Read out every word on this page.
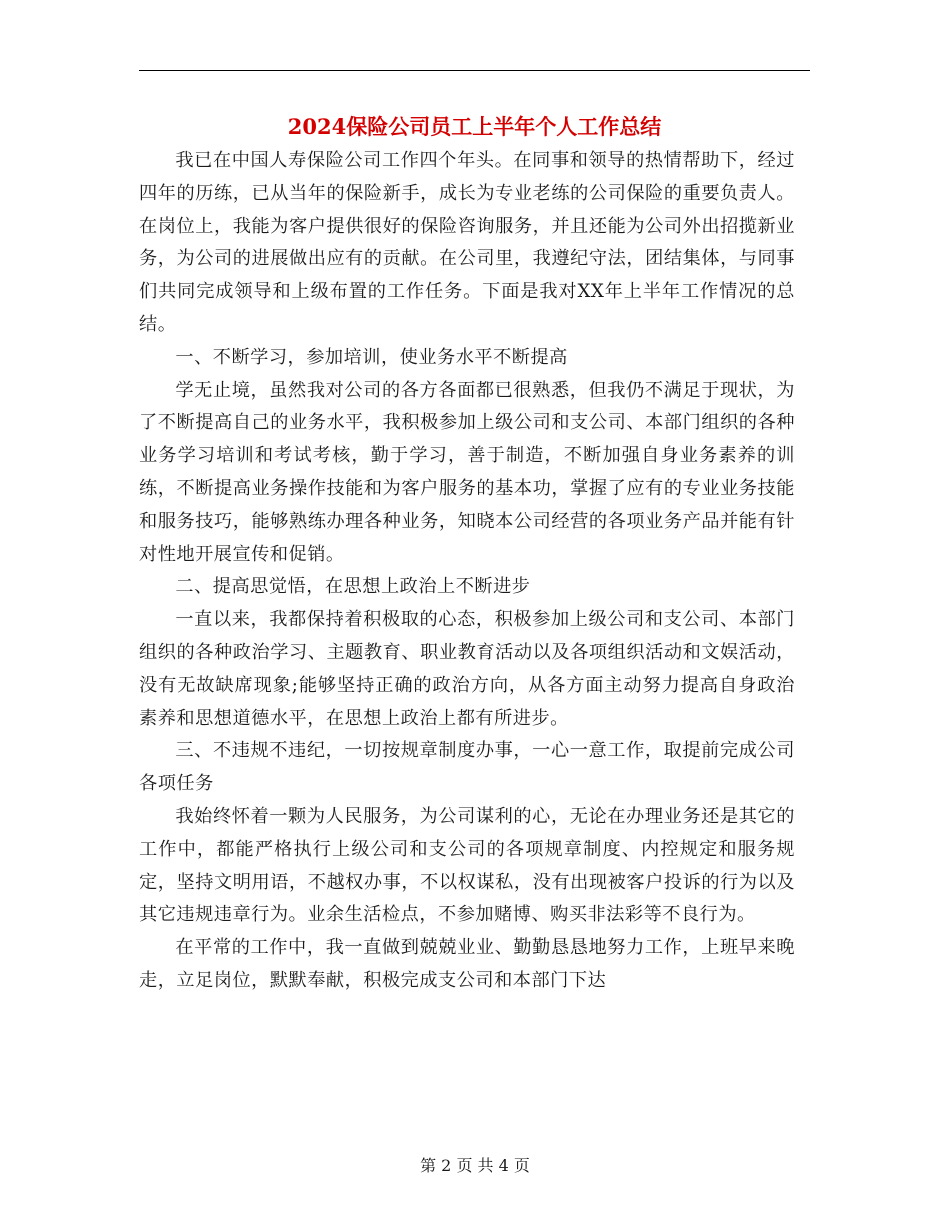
2024保险公司员工上半年个人工作总结

我已在中国人寿保险公司工作四个年头。在同事和领导的热情帮助下，经过四年的历练，已从当年的保险新手，成长为专业老练的公司保险的重要负责人。在岗位上，我能为客户提供很好的保险咨询服务，并且还能为公司外出招揽新业务，为公司的进展做出应有的贡献。在公司里，我遵纪守法，团结集体，与同事们共同完成领导和上级布置的工作任务。下面是我对XX年上半年工作情况的总结。

一、不断学习，参加培训，使业务水平不断提高

学无止境，虽然我对公司的各方各面都已很熟悉，但我仍不满足于现状，为了不断提高自己的业务水平，我积极参加上级公司和支公司、本部门组织的各种业务学习培训和考试考核，勤于学习，善于制造，不断加强自身业务素养的训练，不断提高业务操作技能和为客户服务的基本功，掌握了应有的专业业务技能和服务技巧，能够熟练办理各种业务，知晓本公司经营的各项业务产品并能有针对性地开展宣传和促销。

二、提高思觉悟，在思想上政治上不断进步

一直以来，我都保持着积极取的心态，积极参加上级公司和支公司、本部门组织的各种政治学习、主题教育、职业教育活动以及各项组织活动和文娱活动，没有无故缺席现象;能够坚持正确的政治方向，从各方面主动努力提高自身政治素养和思想道德水平，在思想上政治上都有所进步。

三、不违规不违纪，一切按规章制度办事，一心一意工作，取提前完成公司各项任务

我始终怀着一颗为人民服务，为公司谋利的心，无论在办理业务还是其它的工作中，都能严格执行上级公司和支公司的各项规章制度、内控规定和服务规定，坚持文明用语，不越权办事，不以权谋私，没有出现被客户投诉的行为以及其它违规违章行为。业余生活检点，不参加赌博、购买非法彩等不良行为。

在平常的工作中，我一直做到兢兢业业、勤勤恳恳地努力工作，上班早来晚走，立足岗位，默默奉献，积极完成支公司和本部门下达

第 2 页 共 4 页
